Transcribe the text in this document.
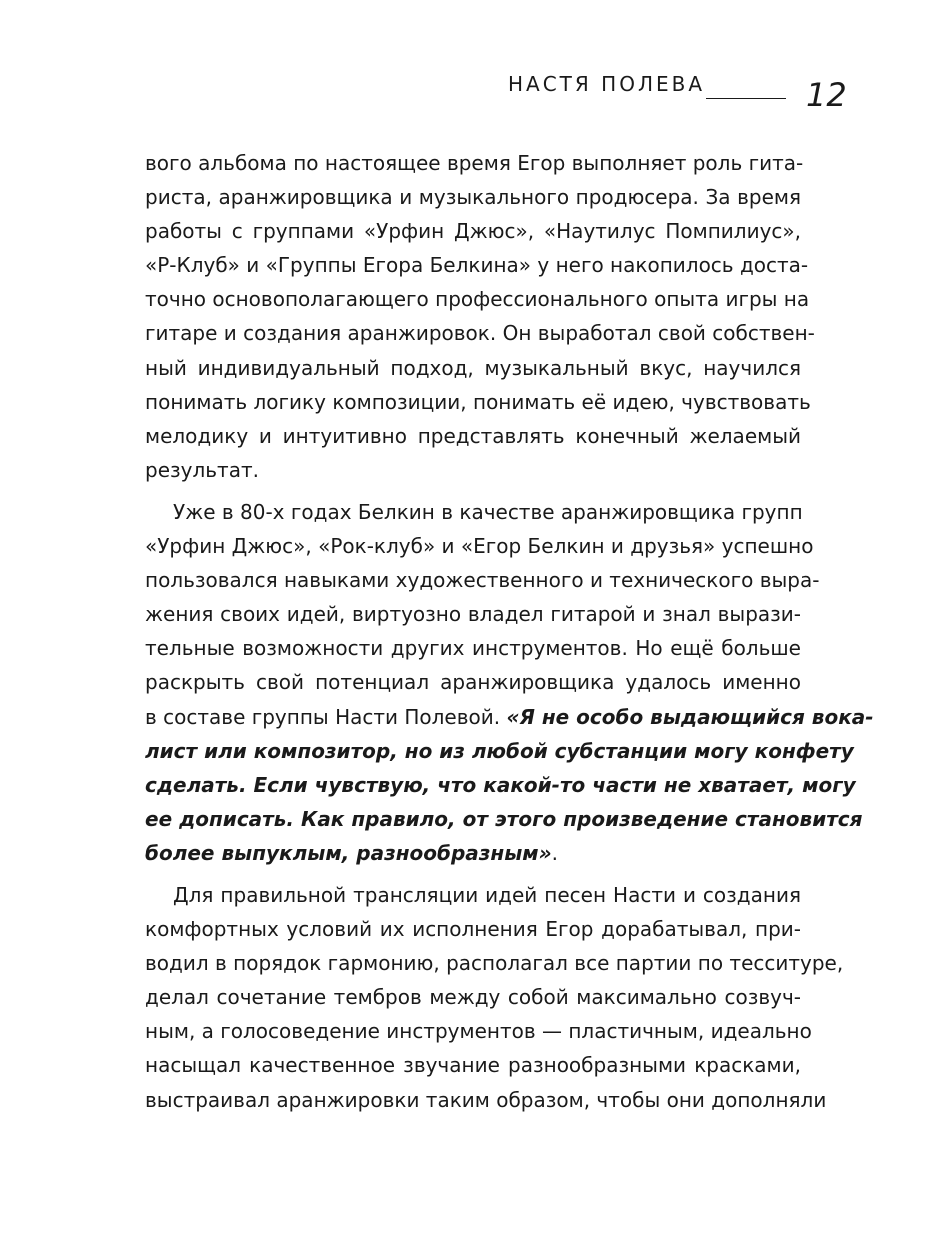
НАСТЯ ПОЛЕВА	12
вого альбома по настоящее время Егор выполняет роль гита-
риста, аранжировщика и музыкального продюсера. За время
работы с группами «Урфин Джюс», «Наутилус Помпилиус»,
«Р-Клуб» и «Группы Егора Белкина» у него накопилось доста-
точно основополагающего профессионального опыта игры на
гитаре и создания аранжировок. Он выработал свой собствен-
ный индивидуальный подход, музыкальный вкус, научился
понимать логику композиции, понимать её идею, чувствовать
мелодику и интуитивно представлять конечный желаемый
результат.
Уже в 80-х годах Белкин в качестве аранжировщика групп
«Урфин Джюс», «Рок-клуб» и «Егор Белкин и друзья» успешно
пользовался навыками художественного и технического выра-
жения своих идей, виртуозно владел гитарой и знал вырази-
тельные возможности других инструментов. Но ещё больше
раскрыть свой потенциал аранжировщика удалось именно
в составе группы Насти Полевой. «Я не особо выдающийся вока-
лист или композитор, но из любой субстанции могу конфету
сделать. Если чувствую, что какой-то части не хватает, могу
ее дописать. Как правило, от этого произведение становится
более выпуклым, разнообразным».
Для правильной трансляции идей песен Насти и создания
комфортных условий их исполнения Егор дорабатывал, при-
водил в порядок гармонию, располагал все партии по тесситуре,
делал сочетание тембров между собой максимально созвуч-
ным, а голосоведение инструментов — пластичным, идеально
насыщал качественное звучание разнообразными красками,
выстраивал аранжировки таким образом, чтобы они дополняли
